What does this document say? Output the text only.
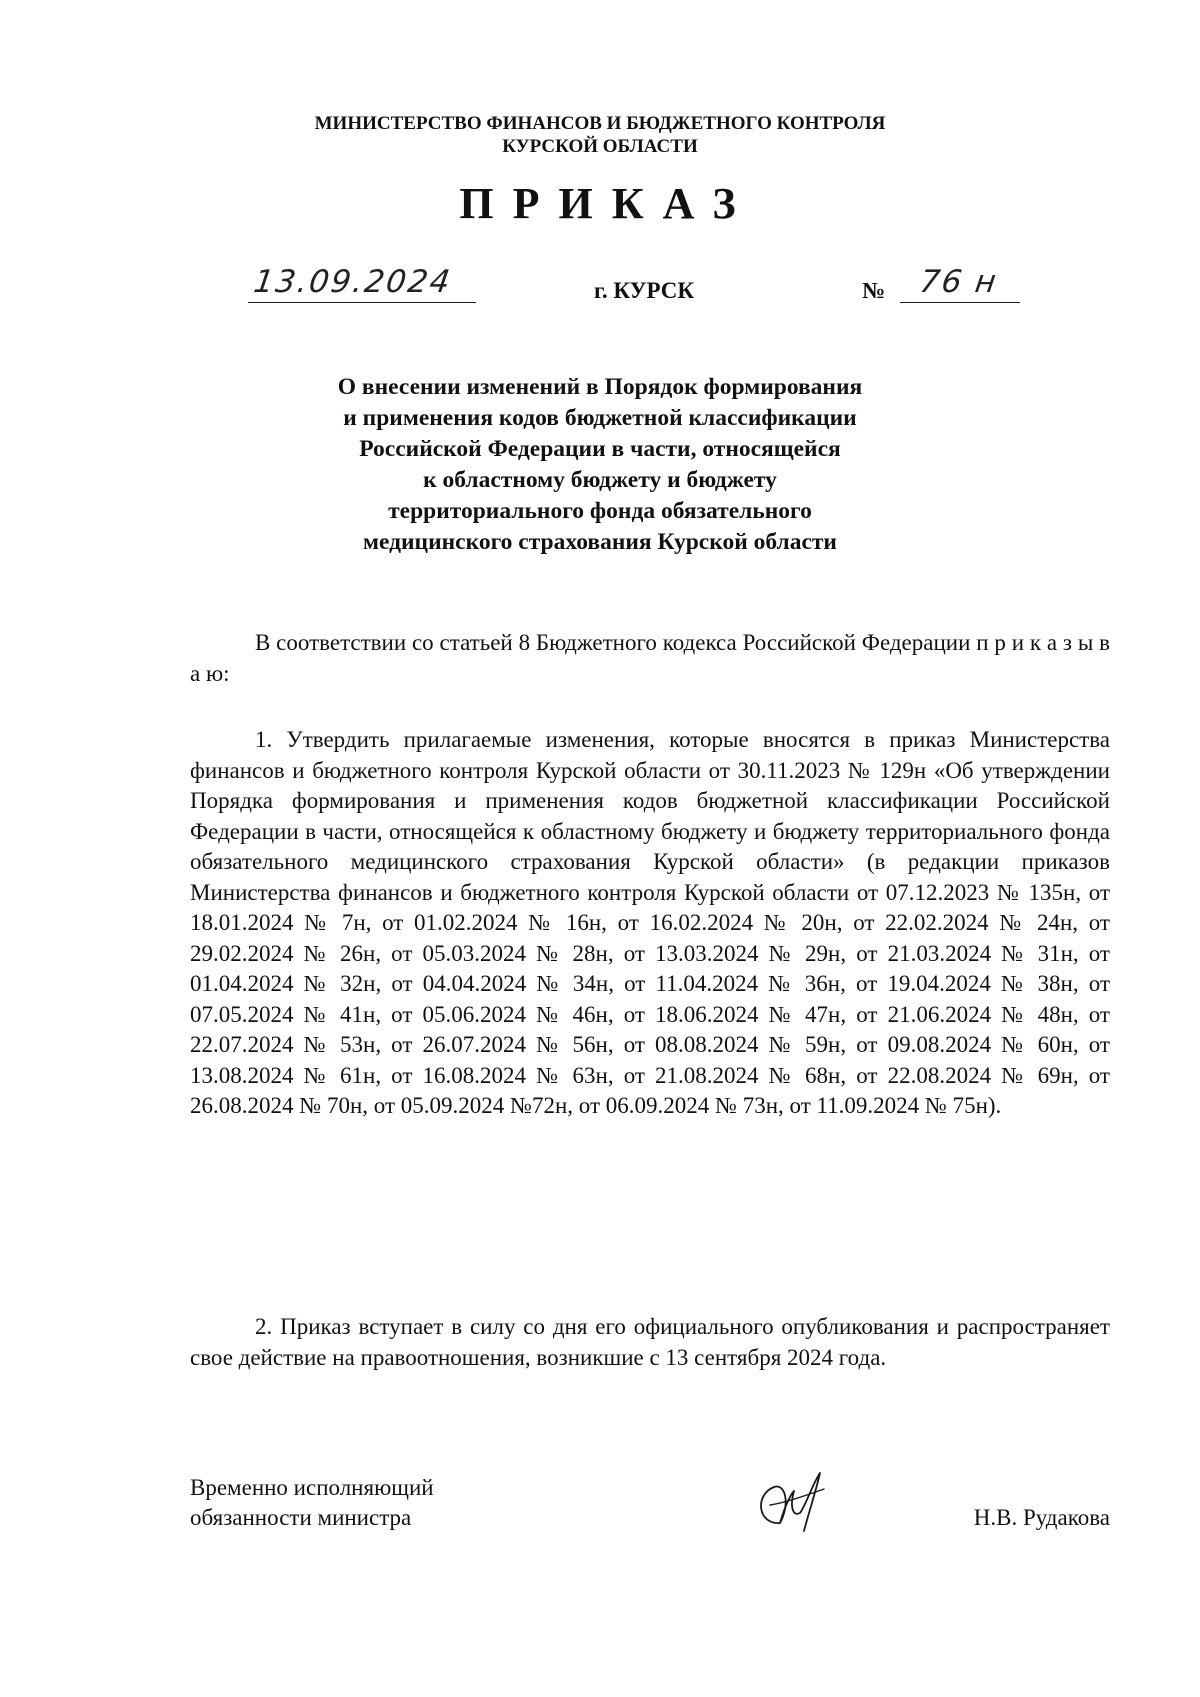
МИНИСТЕРСТВО ФИНАНСОВ И БЮДЖЕТНОГО КОНТРОЛЯ
КУРСКОЙ ОБЛАСТИ
ПРИКАЗ
13.09.2024	г. КУРСК	№ 76 н
О внесении изменений в Порядок формирования
и применения кодов бюджетной классификации
Российской Федерации в части, относящейся
к областному бюджету и бюджету
территориального фонда обязательного
медицинского страхования Курской области
В соответствии со статьей 8 Бюджетного кодекса Российской Федерации п р и к а з ы в а ю:
1. Утвердить прилагаемые изменения, которые вносятся в приказ Министерства финансов и бюджетного контроля Курской области от 30.11.2023 № 129н «Об утверждении Порядка формирования и применения кодов бюджетной классификации Российской Федерации в части, относящейся к областному бюджету и бюджету территориального фонда обязательного медицинского страхования Курской области» (в редакции приказов Министерства финансов и бюджетного контроля Курской области от 07.12.2023 № 135н, от 18.01.2024 № 7н, от 01.02.2024 № 16н, от 16.02.2024 № 20н, от 22.02.2024 № 24н, от 29.02.2024 № 26н, от 05.03.2024 № 28н, от 13.03.2024 № 29н, от 21.03.2024 № 31н, от 01.04.2024 № 32н, от 04.04.2024 № 34н, от 11.04.2024 № 36н, от 19.04.2024 № 38н, от 07.05.2024 № 41н, от 05.06.2024 № 46н, от 18.06.2024 № 47н, от 21.06.2024 № 48н, от 22.07.2024 № 53н, от 26.07.2024 № 56н, от 08.08.2024 № 59н, от 09.08.2024 № 60н, от 13.08.2024 № 61н, от 16.08.2024 № 63н, от 21.08.2024 № 68н, от 22.08.2024 № 69н, от 26.08.2024 № 70н, от 05.09.2024 №72н, от 06.09.2024 № 73н, от 11.09.2024 № 75н).
2. Приказ вступает в силу со дня его официального опубликования и распространяет свое действие на правоотношения, возникшие с 13 сентября 2024 года.
Временно исполняющий
обязанности министра	Н.В. Рудакова
